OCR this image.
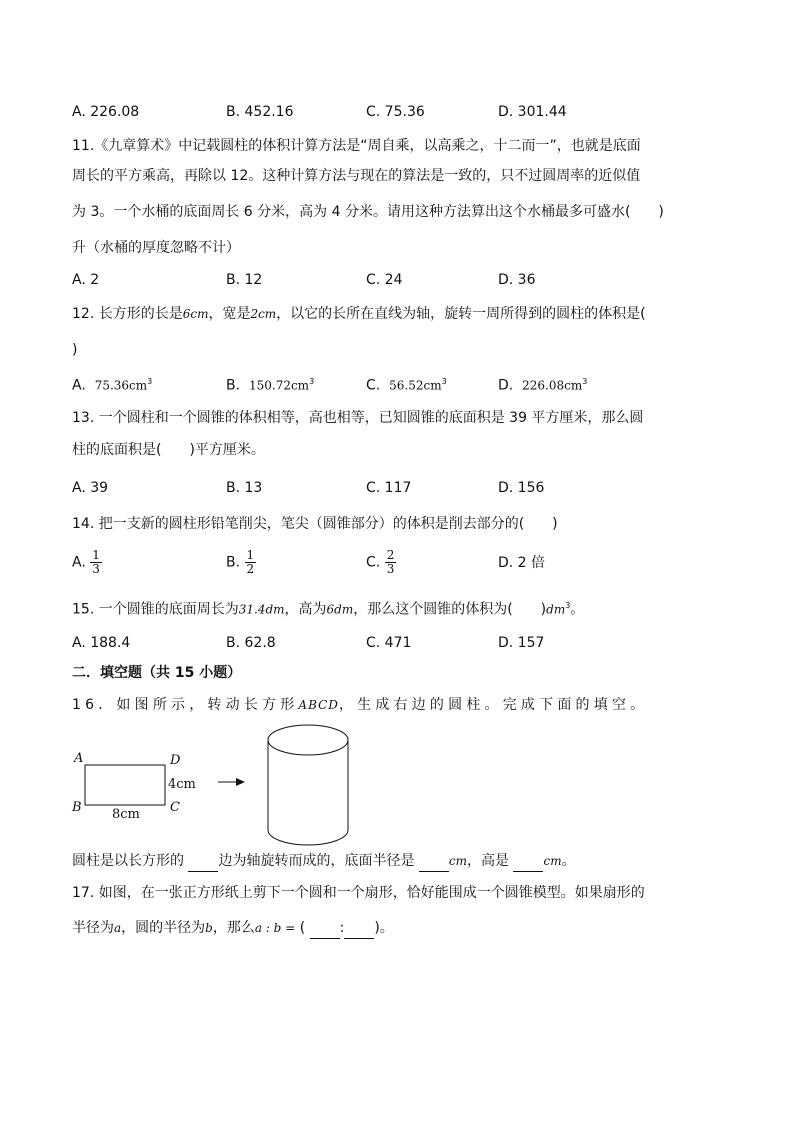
A. 226.08	B. 452.16	C. 75.36	D. 301.44
11.《九章算术》中记载圆柱的体积计算方法是“周自乘，以高乘之，十二而一”，也就是底面
周长的平方乘高，再除以 12。这种计算方法与现在的算法是一致的，只不过圆周率的近似值
为 3。一个水桶的底面周长 6 分米，高为 4 分米。请用这种方法算出这个水桶最多可盛水(　　)
升（水桶的厚度忽略不计）
A. 2	B. 12	C. 24	D. 36
12. 长方形的长是6cm，宽是2cm，以它的长所在直线为轴，旋转一周所得到的圆柱的体积是(
)
A. $75.36cm^3$	B. $150.72cm^3$	C. $56.52cm^3$	D. $226.08cm^3$
13. 一个圆柱和一个圆锥的体积相等，高也相等，已知圆锥的底面积是 39 平方厘米，那么圆
柱的底面积是(　　)平方厘米。
A. 39	B. 13	C. 117	D. 156
14. 把一支新的圆柱形铅笔削尖，笔尖（圆锥部分）的体积是削去部分的(　　)
A. $\frac{1}{3}$	B. $\frac{1}{2}$	C. $\frac{2}{3}$	D. 2 倍
15. 一个圆锥的底面周长为31.4dm，高为6dm，那么这个圆锥的体积为(　　)$dm^3$。
A. 188.4	B. 62.8	C. 471	D. 157
二．填空题（共 15 小题）
16．如图所示，转动长方形ABCD，生成右边的圆柱。完成下面的填空。
A	D
4cm
B	C
8cm
圆柱是以长方形的 边为轴旋转而成的，底面半径是	cm，高是	cm。
17. 如图，在一张正方形纸上剪下一个圆和一个扇形，恰好能围成一个圆锥模型。如果扇形的
半径为a，圆的半径为b，那么a : b = ( : )。
